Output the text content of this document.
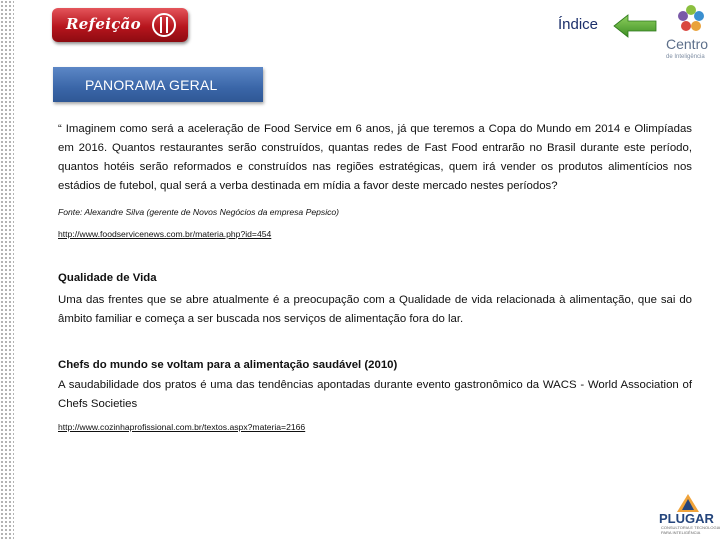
Refeição	Índice
Centro
de Inteligência
PANORAMA GERAL

“ Imaginem como será a aceleração de Food Service em 6 anos, já que teremos a Copa do Mundo em 2014 e Olimpíadas em 2016. Quantos restaurantes serão construídos, quantas redes de Fast Food entrarão no Brasil durante este período, quantos hotéis serão reformados e construídos nas regiões estratégicas, quem irá vender os produtos alimentícios nos estádios de futebol, qual será a verba destinada em mídia a favor deste mercado nestes períodos?

Fonte: Alexandre Silva (gerente de Novos Negócios da empresa Pepsico)

http://www.foodservicenews.com.br/materia.php?id=454

Qualidade de Vida

Uma das frentes que se abre atualmente é a preocupação com a Qualidade de vida relacionada à alimentação, que sai do âmbito familiar e começa a ser buscada nos serviços de alimentação fora do lar.

Chefs do mundo se voltam para a alimentação saudável (2010)

A saudabilidade dos pratos é uma das tendências apontadas durante evento gastronômico da WACS - World Association of Chefs Societies

http://www.cozinhaprofissional.com.br/textos.aspx?materia=2166
PLUGAR
CONSULTORIA E TECNOLOGIA PARA INTELIGÊNCIA
